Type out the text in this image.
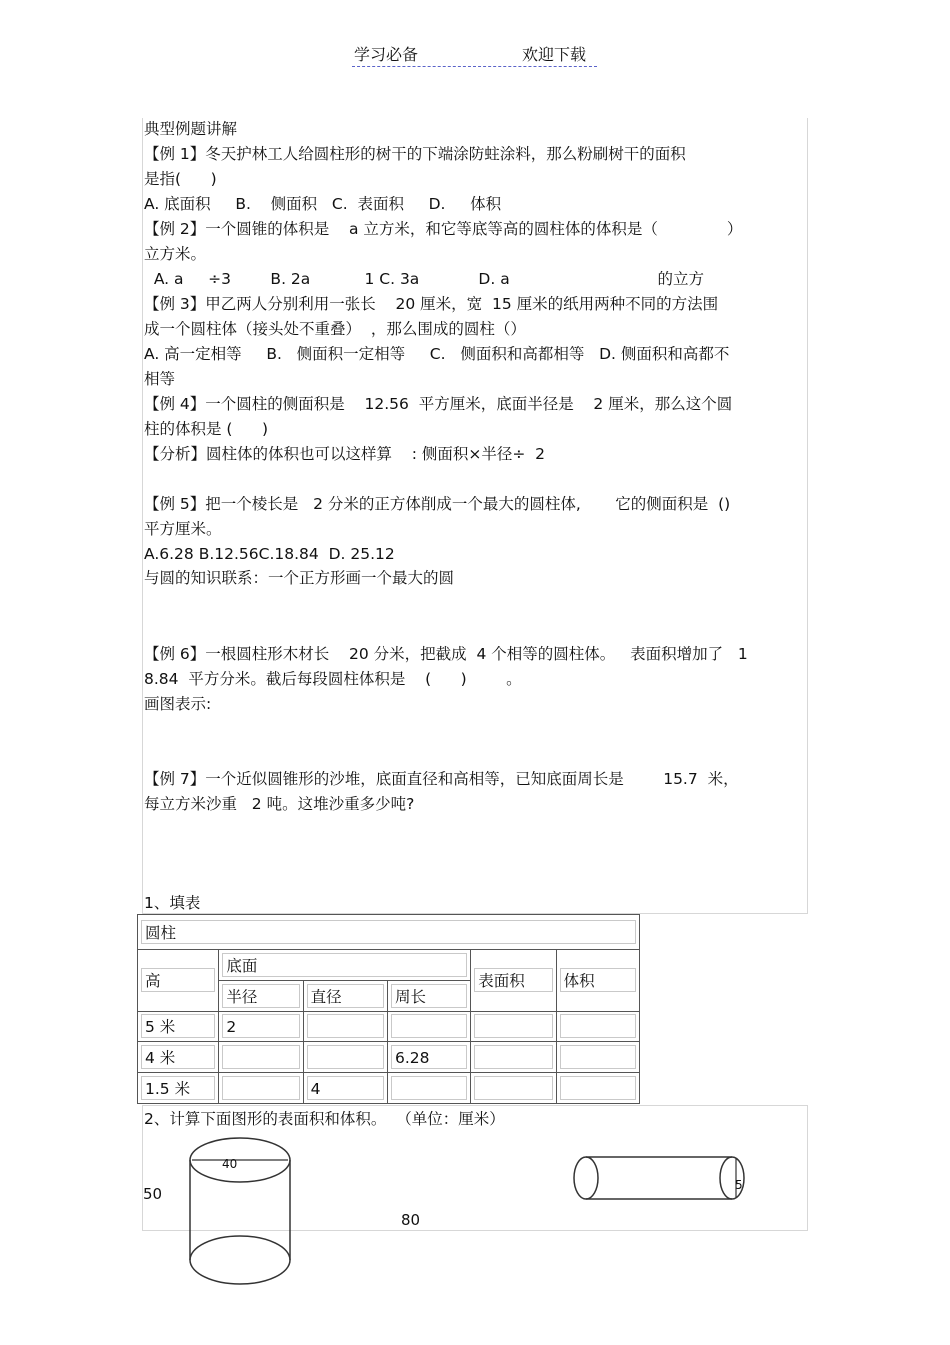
学习必备	欢迎下载
典型例题讲解
【例 1】冬天护林工人给圆柱形的树干的下端涂防蛀涂料，那么粉刷树干的面积
是指(      )
A. 底面积     B.    侧面积   C.  表面积     D.     体积
【例 2】一个圆锥的体积是    a 立方米，和它等底等高的圆柱体的体积是（              ）
立方米。
A. a     ÷3        B. 2a           1 C. 3a            D. a                              的立方
【例 3】甲乙两人分别利用一张长    20 厘米，宽  15 厘米的纸用两种不同的方法围
成一个圆柱体（接头处不重叠）  ，那么围成的圆柱（）
A. 高一定相等     B.   侧面积一定相等     C.   侧面积和高都相等   D. 侧面积和高都不
相等
【例 4】一个圆柱的侧面积是    12.56  平方厘米，底面半径是    2 厘米，那么这个圆
柱的体积是 (      )
【分析】圆柱体的体积也可以这样算    : 侧面积×半径÷  2
【例 5】把一个棱长是   2 分米的正方体削成一个最大的圆柱体,       它的侧面积是  ()
平方厘米。
A.6.28 B.12.56C.18.84  D. 25.12
与圆的知识联系：一个正方形画一个最大的圆
【例 6】一根圆柱形木材长    20 分米，把截成  4 个相等的圆柱体。   表面积增加了   1
8.84  平方分米。截后每段圆柱体积是    (      )        。
画图表示:
【例 7】一个近似圆锥形的沙堆，底面直径和高相等，已知底面周长是        15.7  米，
每立方米沙重   2 吨。这堆沙重多少吨?
1、填表
圆柱					

高	底面			表面积	体积

	半径	直径	周长		

5 米	2				

4 米			6.28		

1.5 米		4			

2、计算下面图形的表面积和体积。  （单位：厘米）
40
50	5
80
